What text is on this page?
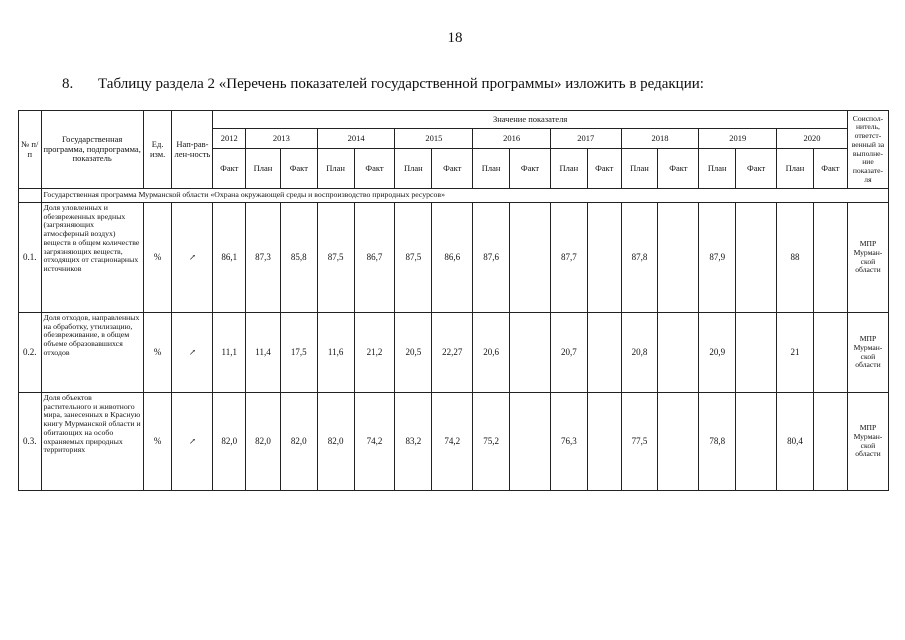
18
8. Таблицу раздела 2 «Перечень показателей государственной программы» изложить в редакции:
№ п/п	Государственная программа, подпрограмма, показатель	Ед. изм.	Нап-рав-лен-ность	Значение показателя																	Соиспол-нитель, ответст-венный за выполне-ние показате-ля
				2012	2013		2014		2015		2016		2017		2018		2019		2020		
				Факт	План	Факт	План	Факт	План	Факт	План	Факт	План	Факт	План	Факт	План	Факт	План	Факт	
	Государственная программа Мурманской области «Охрана окружающей среды и воспроизводство природных ресурсов»																				
0.1.	Доля уловленных и обезвреженных вредных (загрязняющих атмосферный воздух) веществ в общем количестве загрязняющих веществ, отходящих от стационарных источников	%	↗	86,1	87,3	85,8	87,5	86,7	87,5	86,6	87,6		87,7		87,8		87,9		88		МПР Мурман-ской области
0.2.	Доля отходов, направленных на обработку, утилизацию, обезвреживание, в общем объеме образовавшихся отходов	%	↗	11,1	11,4	17,5	11,6	21,2	20,5	22,27	20,6		20,7		20,8		20,9		21		МПР Мурман-ской области
0.3.	Доля объектов растительного и животного мира, занесенных в Красную книгу Мурманской области и обитающих на особо охраняемых природных территориях	%	↗	82,0	82,0	82,0	82,0	74,2	83,2	74,2	75,2		76,3		77,5		78,8		80,4		МПР Мурман-ской области
